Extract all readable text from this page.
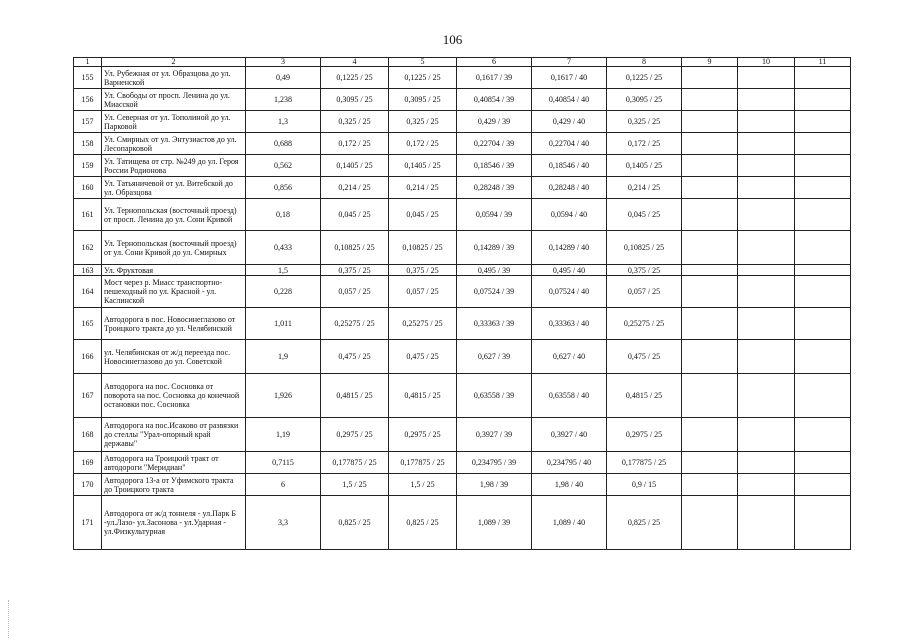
106
1	2	3	4	5	6	7	8	9	10	11
155	Ул. Рубежная от ул. Образцова до ул. Варненской	0,49	0,1225 / 25	0,1225 / 25	0,1617 / 39	0,1617 / 40	0,1225 / 25			
156	Ул. Свободы от просп. Ленина до ул. Миасской	1,238	0,3095 / 25	0,3095 / 25	0,40854 / 39	0,40854 / 40	0,3095 / 25			
157	Ул. Северная от ул. Тополиной до ул. Парковой	1,3	0,325 / 25	0,325 / 25	0,429 / 39	0,429 / 40	0,325 / 25			
158	Ул. Смирных от ул. Энтузиастов до ул. Лесопарковой	0,688	0,172 / 25	0,172 / 25	0,22704 / 39	0,22704 / 40	0,172 / 25			
159	Ул. Татищева от стр. №249 до ул. Героя России Родионова	0,562	0,1405 / 25	0,1405 / 25	0,18546 / 39	0,18546 / 40	0,1405 / 25			
160	Ул. Татьяничевой от ул. Витебской до ул. Образцова	0,856	0,214 / 25	0,214 / 25	0,28248 / 39	0,28248 / 40	0,214 / 25			
161	Ул. Тернопольская (восточный проезд) от просп. Ленина до ул. Сони Кривой	0,18	0,045 / 25	0,045 / 25	0,0594 / 39	0,0594 / 40	0,045 / 25			
162	Ул. Тернопольская (восточный проезд) от ул. Сони Кривой до ул. Смирных	0,433	0,10825 / 25	0,10825 / 25	0,14289 / 39	0,14289 / 40	0,10825 / 25			
163	Ул. Фруктовая	1,5	0,375 / 25	0,375 / 25	0,495 / 39	0,495 / 40	0,375 / 25			
164	Мост через р. Миасс транспортно-пешеходный по ул. Красной - ул. Каслинской	0,228	0,057 / 25	0,057 / 25	0,07524 / 39	0,07524 / 40	0,057 / 25			
165	Автодорога в пос. Новосинеглазово от Троицкого тракта до ул. Челябинской	1,011	0,25275 / 25	0,25275 / 25	0,33363 / 39	0,33363 / 40	0,25275 / 25			
166	ул. Челябинская от ж/д переезда пос. Новосинеглазово до ул. Советской	1,9	0,475 / 25	0,475 / 25	0,627 / 39	0,627 / 40	0,475 / 25			
167	Автодорога на пос. Сосновка от поворота на пос. Сосновка до конечной остановки пос. Сосновка	1,926	0,4815 / 25	0,4815 / 25	0,63558 / 39	0,63558 / 40	0,4815 / 25			
168	Автодорога на пос.Исаково от развязки до стеллы "Урал-опорный край державы"	1,19	0,2975 / 25	0,2975 / 25	0,3927 / 39	0,3927 / 40	0,2975 / 25			
169	Автодорога на Троицкий тракт от автодороги "Меридиан"	0,7115	0,177875 / 25	0,177875 / 25	0,234795 / 39	0,234795 / 40	0,177875 / 25			
170	Автодорога 13-а от Уфимского тракта до Троицкого тракта	6	1,5 / 25	1,5 / 25	1,98 / 39	1,98 / 40	0,9 / 15			
171	Автодорога от ж/д тоннеля - ул.Парк Б -ул.Лазо- ул.Засонова - ул.Ударная - ул.Физкультурная	3,3	0,825 / 25	0,825 / 25	1,089 / 39	1,089 / 40	0,825 / 25			
